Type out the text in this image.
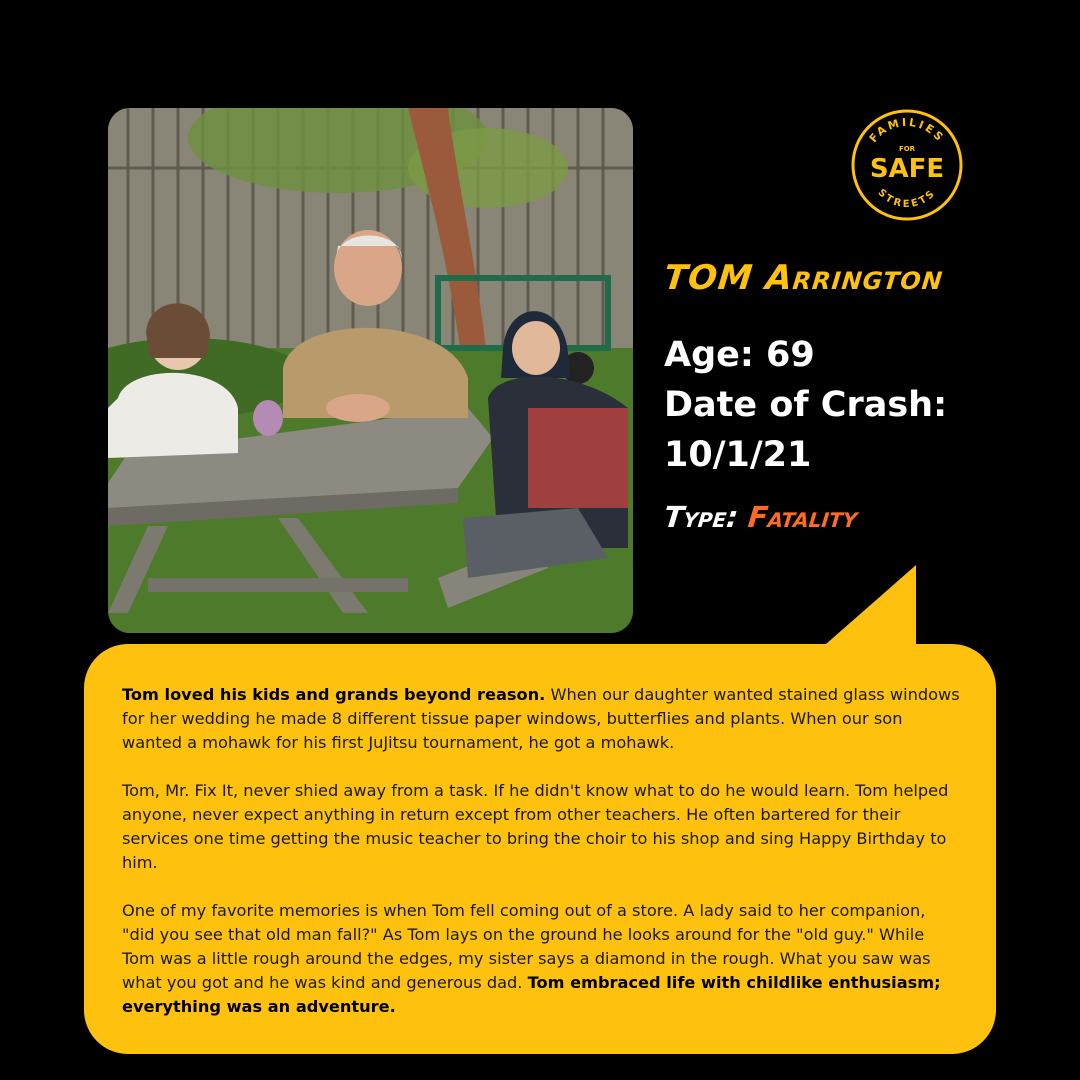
FAMILIES
FOR
SAFE
STREETS
TOM Arrington
Age: 69
Date of Crash:
10/1/21
Type: Fatality

Tom loved his kids and grands beyond reason. When our daughter wanted stained glass windows for her wedding he made 8 different tissue paper windows, butterflies and plants. When our son wanted a mohawk for his first JuJitsu tournament, he got a mohawk.

Tom, Mr. Fix It, never shied away from a task. If he didn't know what to do he would learn. Tom helped anyone, never expect anything in return except from other teachers. He often bartered for their services one time getting the music teacher to bring the choir to his shop and sing Happy Birthday to him.

One of my favorite memories is when Tom fell coming out of a store. A lady said to her companion, "did you see that old man fall?" As Tom lays on the ground he looks around for the "old guy." While Tom was a little rough around the edges, my sister says a diamond in the rough. What you saw was what you got and he was kind and generous dad. Tom embraced life with childlike enthusiasm; everything was an adventure.
